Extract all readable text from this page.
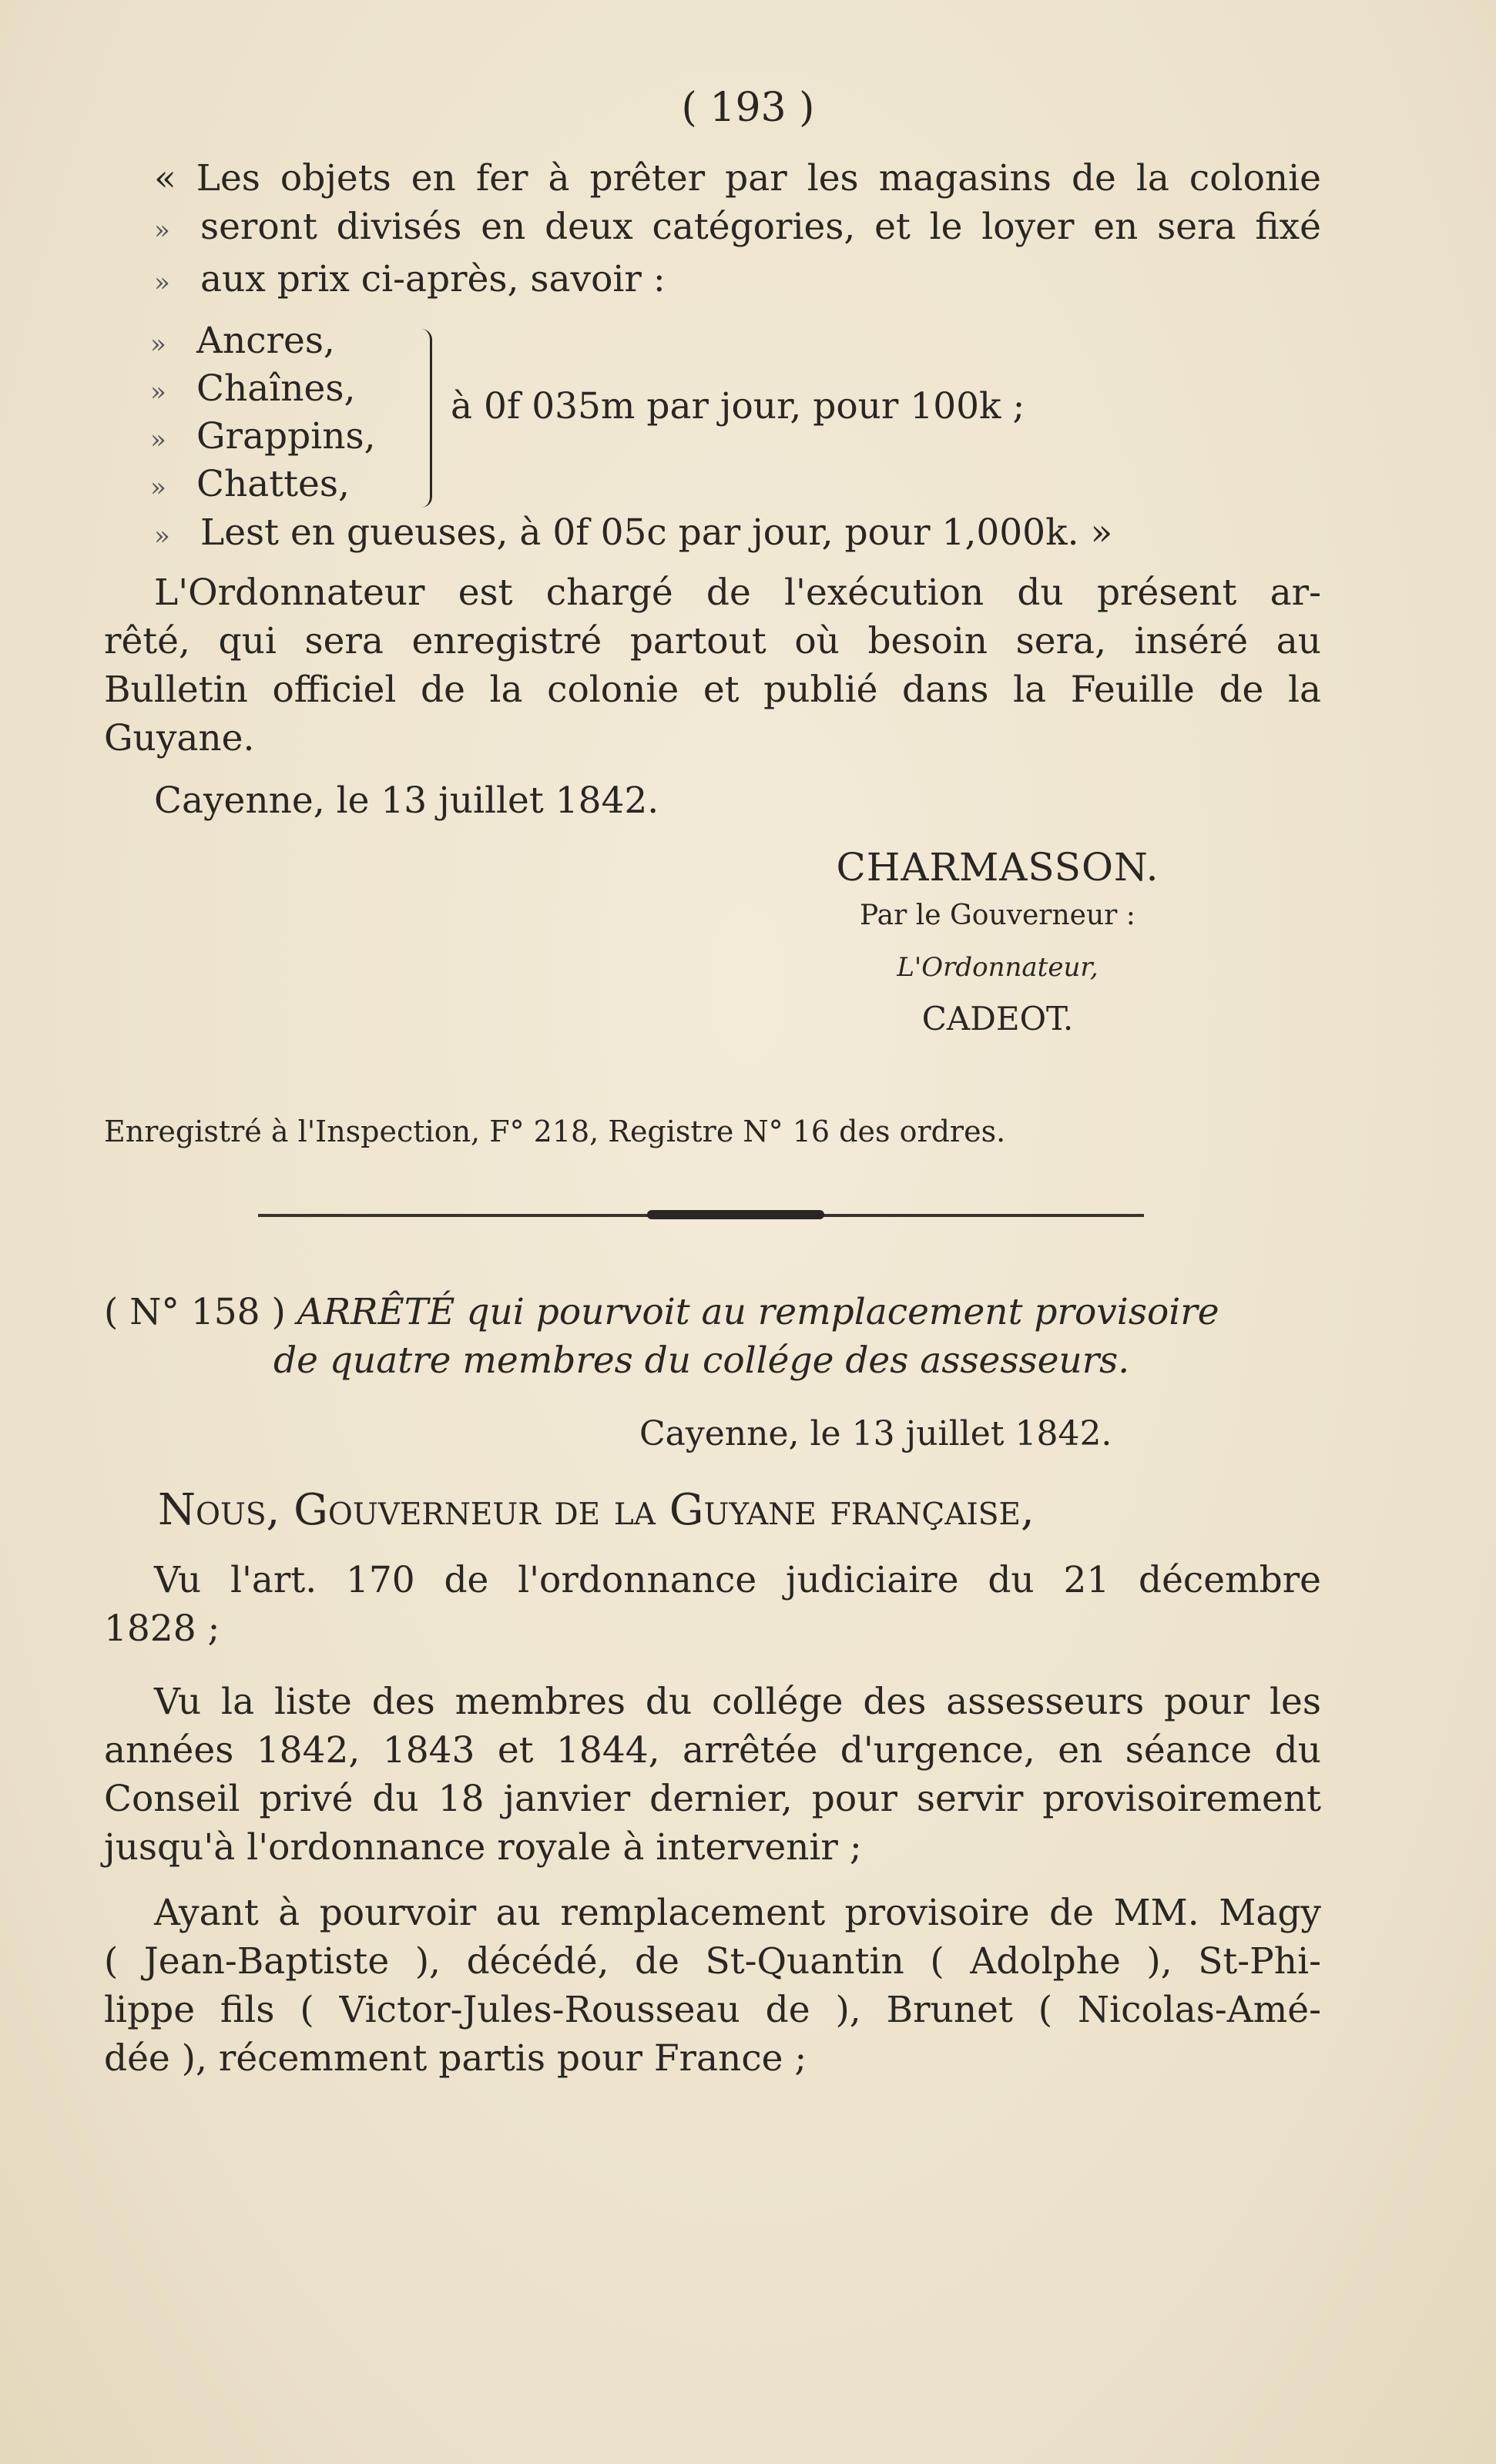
( 193 )
« Les objets en fer à prêter par les magasins de la colonie
» seront divisés en deux catégories, et le loyer en sera fixé
» aux prix ci-après, savoir :
» Ancres,
» Chaînes,
» Grappins,
» Chattes,
à 0f 035m par jour, pour 100k ;
» Lest en gueuses, à 0f 05c par jour, pour 1,000k. »
L'Ordonnateur est chargé de l'exécution du présent ar-
rêté, qui sera enregistré partout où besoin sera, inséré au
Bulletin officiel de la colonie et publié dans la Feuille de la
Guyane.
Cayenne, le 13 juillet 1842.
CHARMASSON.
Par le Gouverneur :
L'Ordonnateur,
CADEOT.
Enregistré à l'Inspection, F° 218, Registre N° 16 des ordres.
( N° 158 ) ARRÊTÉ qui pourvoit au remplacement provisoire
de quatre membres du collége des assesseurs.
Cayenne, le 13 juillet 1842.
Nous, Gouverneur de la Guyane française,
Vu l'art. 170 de l'ordonnance judiciaire du 21 décembre
1828 ;
Vu la liste des membres du collége des assesseurs pour les
années 1842, 1843 et 1844, arrêtée d'urgence, en séance du
Conseil privé du 18 janvier dernier, pour servir provisoirement
jusqu'à l'ordonnance royale à intervenir ;
Ayant à pourvoir au remplacement provisoire de MM. Magy
( Jean-Baptiste ), décédé, de St-Quantin ( Adolphe ), St-Phi-
lippe fils ( Victor-Jules-Rousseau de ), Brunet ( Nicolas-Amé-
dée ), récemment partis pour France ;
